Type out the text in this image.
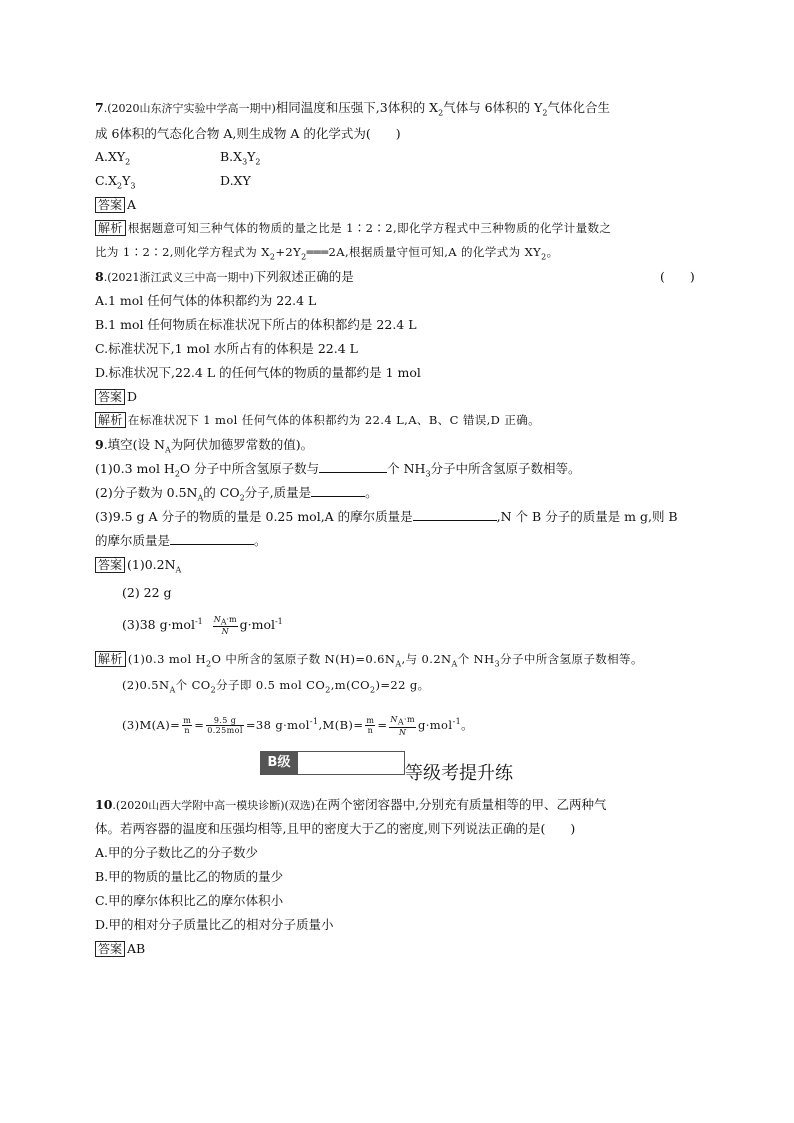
7.(2020山东济宁实验中学高一期中)相同温度和压强下,3体积的 $X_2$气体与 6体积的 $Y_2$气体化合生
成 6体积的气态化合物 A,则生成物 A 的化学式为(　　)
$A.XY_2$	$B.X_3Y_2$
$C.X_2Y_3$	D.XY
答案 A
解析 根据题意可知三种气体的物质的量之比是 1∶2∶2,即化学方程式中三种物质的化学计量数之
比为 1∶2∶2,则化学方程式为 $X_2+2Y_2═══2A$,根据质量守恒可知,A 的化学式为 $XY_2$。
8.(2021浙江武义三中高一期中)下列叙述正确的是	(　　)
A.1 mol 任何气体的体积都约为 22.4 L
B.1 mol 任何物质在标准状况下所占的体积都约是 22.4 L
C.标准状况下,1 mol 水所占有的体积是 22.4 L
D.标准状况下,22.4 L 的任何气体的物质的量都约是 1 mol
答案 D
解析 在标准状况下 1 mol 任何气体的体积都约为 22.4 L,A、B、C 错误,D 正确。
9.填空(设 $N_A$为阿伏加德罗常数的值)。
(1)0.3 mol $H_2O$ 分子中所含氢原子数与	个 $NH_3$分子中所含氢原子数相等。
(2)分子数为 $0.5N_A$的 $CO_2$分子,质量是	。
(3)9.5 g A 分子的物质的量是 0.25 mol,A 的摩尔质量是	,N 个 B 分子的质量是 m g,则 B
的摩尔质量是	。
答案 $(1)0.2N_A$
(2) 22 g
(3)38 $g\cdot mol^{-1} \frac{N_A\cdot m}{N} g\cdot mol^{-1}$
解析 (1)0.3 mol $H_2O$ 中所含的氢原子数 $N(H)=0.6N_A$,与 $0.2N_A$个 $NH_3$分子中所含氢原子数相等。
$(2)0.5N_A$个 $CO_2$分子即 0.5 mol $CO_2,m(CO_2)=22$ g。
$(3)M(A)= \frac{m}{n} = \frac{9.5 g}{\text{0.25mol}} =38$ $g\cdot mol^{-1},M(B)= \frac{m}{n} = \frac{N_A\cdot m}{N} g\cdot mol^{-1}$。
B级
等级考提升练
10.(2020山西大学附中高一模块诊断)(双选)在两个密闭容器中,分别充有质量相等的甲、乙两种气
体。若两容器的温度和压强均相等,且甲的密度大于乙的密度,则下列说法正确的是(　　)
A.甲的分子数比乙的分子数少
B.甲的物质的量比乙的物质的量少
C.甲的摩尔体积比乙的摩尔体积小
D.甲的相对分子质量比乙的相对分子质量小
答案 AB
